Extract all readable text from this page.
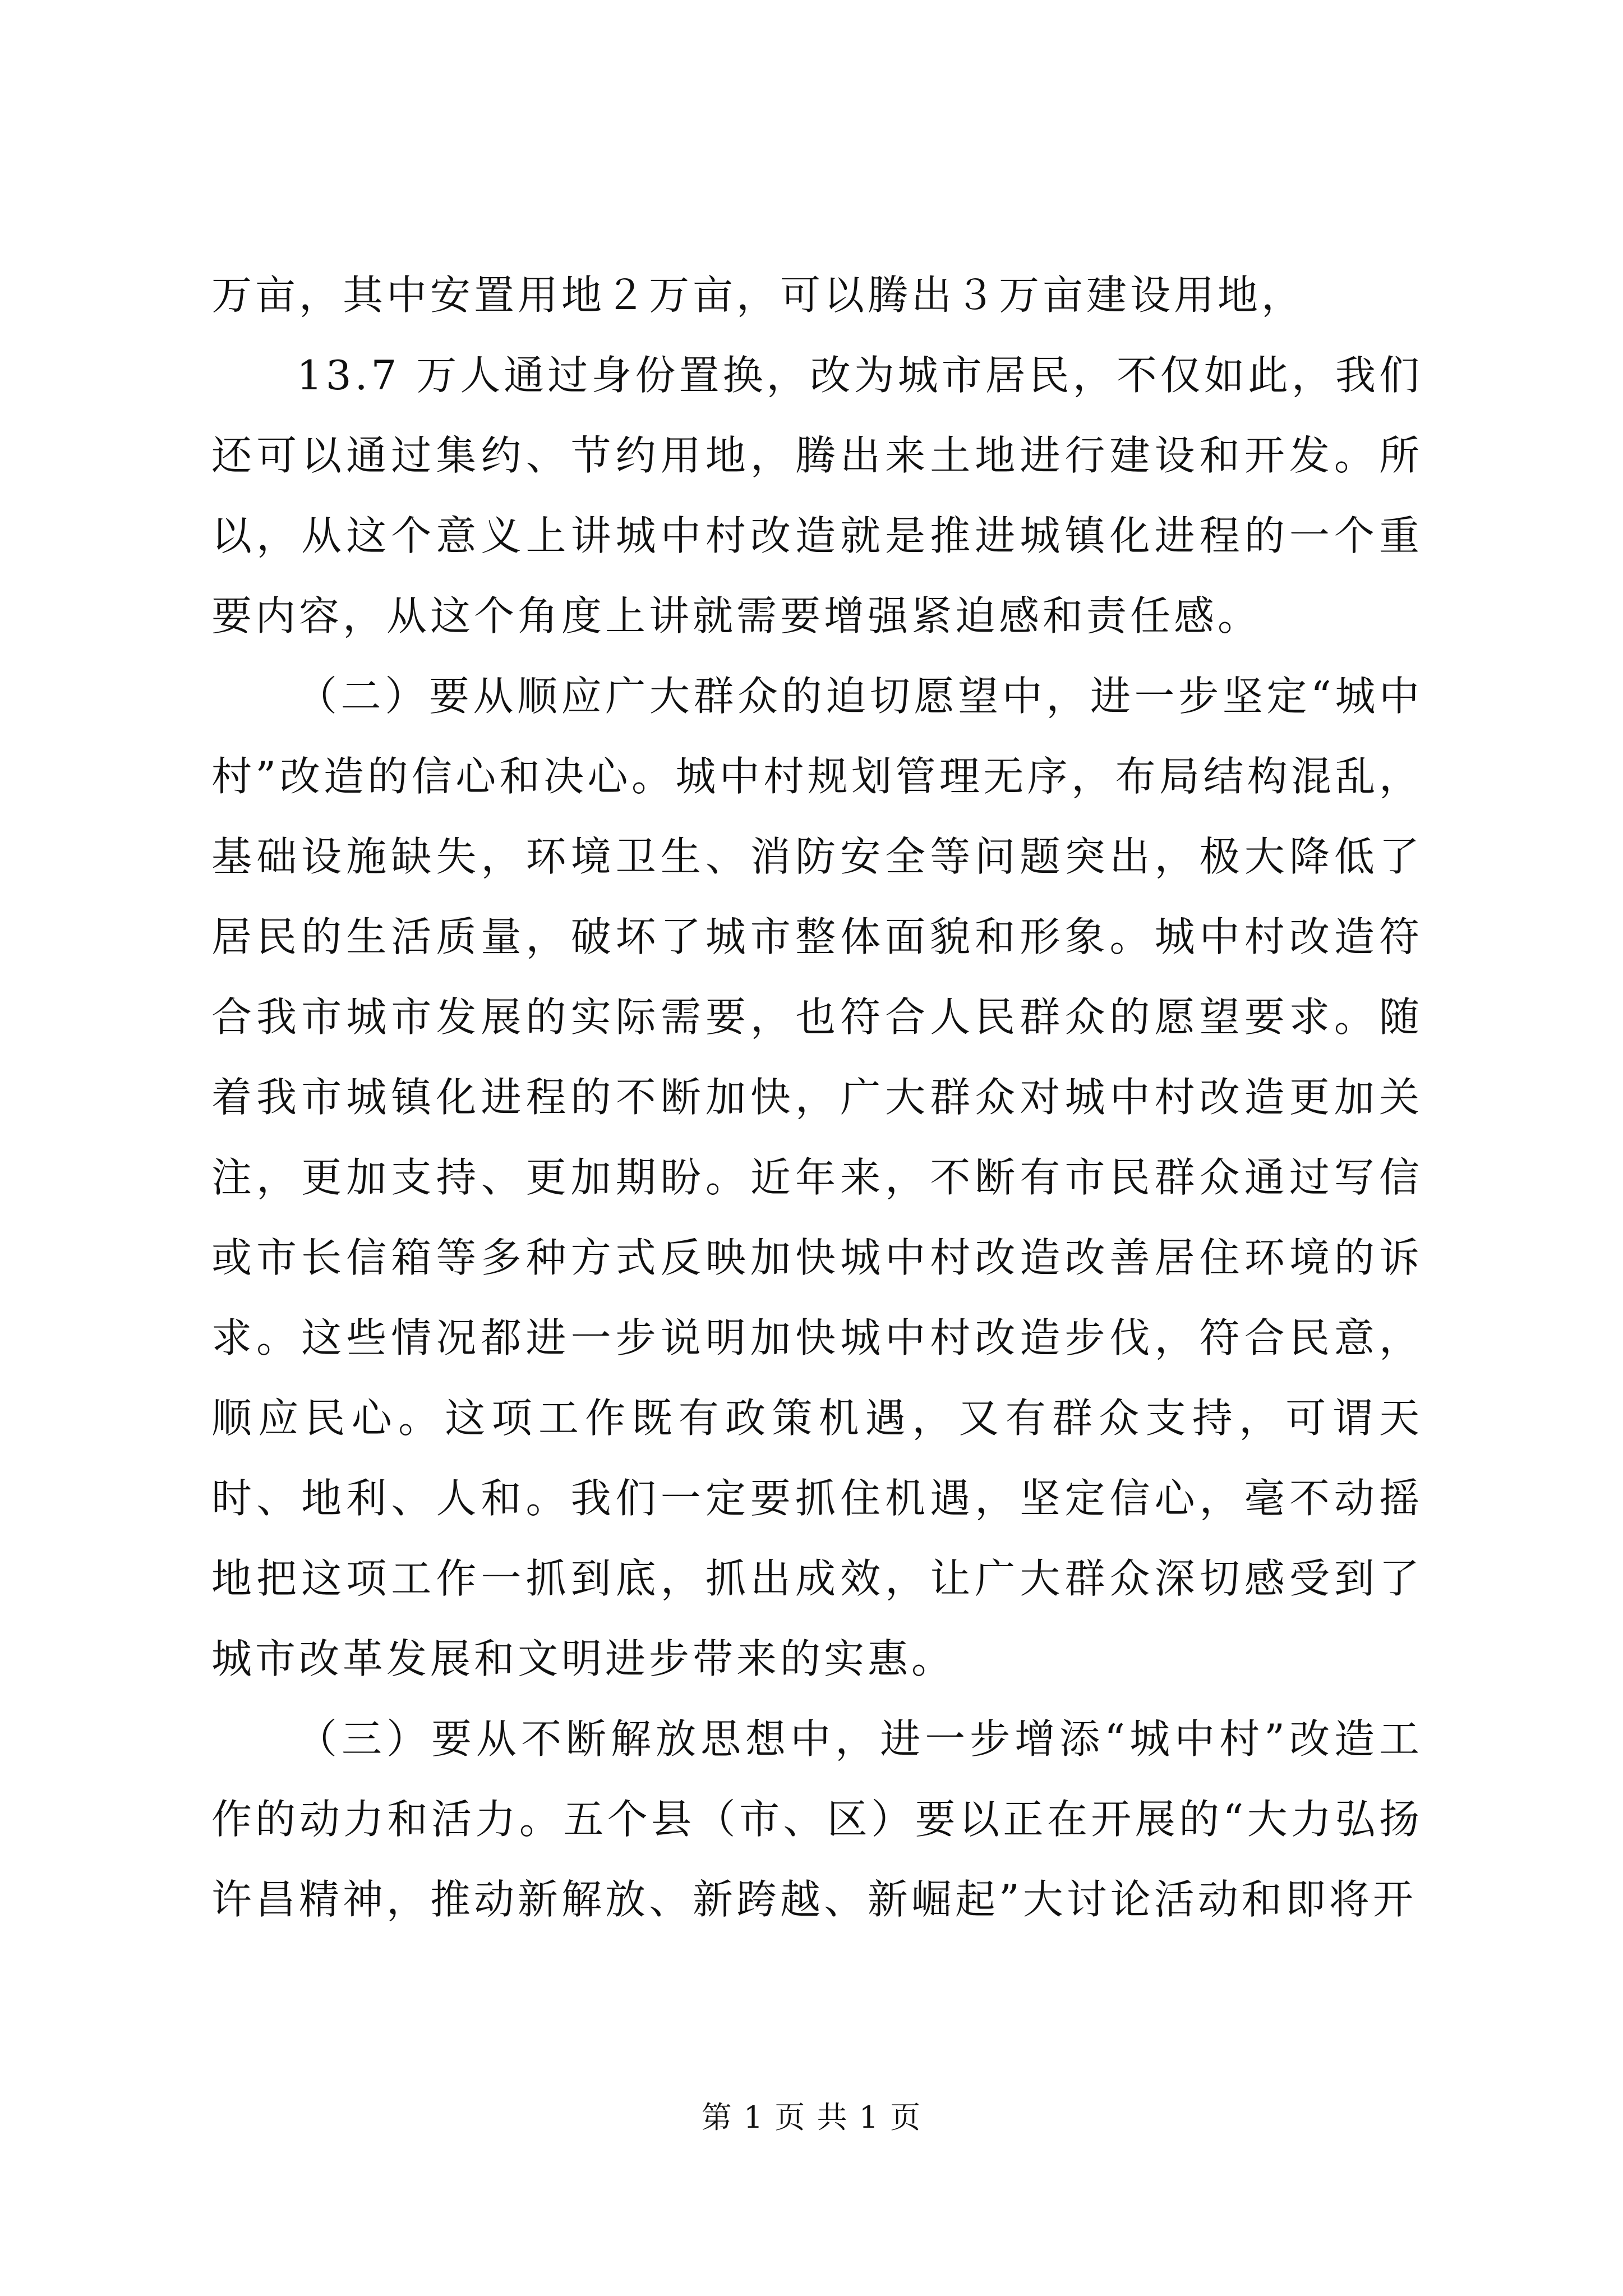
万亩，其中安置用地２万亩，可以腾出３万亩建设用地，

13.7 万人通过身份置换，改为城市居民，不仅如此，我们还可以通过集约、节约用地，腾出来土地进行建设和开发。所以，从这个意义上讲城中村改造就是推进城镇化进程的一个重要内容，从这个角度上讲就需要增强紧迫感和责任感。

（二）要从顺应广大群众的迫切愿望中，进一步坚定“城中村”改造的信心和决心。城中村规划管理无序，布局结构混乱，基础设施缺失，环境卫生、消防安全等问题突出，极大降低了居民的生活质量，破坏了城市整体面貌和形象。城中村改造符合我市城市发展的实际需要，也符合人民群众的愿望要求。随着我市城镇化进程的不断加快，广大群众对城中村改造更加关注，更加支持、更加期盼。近年来，不断有市民群众通过写信或市长信箱等多种方式反映加快城中村改造改善居住环境的诉求。这些情况都进一步说明加快城中村改造步伐，符合民意，顺应民心。这项工作既有政策机遇，又有群众支持，可谓天时、地利、人和。我们一定要抓住机遇，坚定信心，毫不动摇地把这项工作一抓到底，抓出成效，让广大群众深切感受到了城市改革发展和文明进步带来的实惠。

（三）要从不断解放思想中，进一步增添“城中村”改造工作的动力和活力。五个县（市、区）要以正在开展的“大力弘扬许昌精神，推动新解放、新跨越、新崛起”大讨论活动和即将开

第 1 页 共 1 页
